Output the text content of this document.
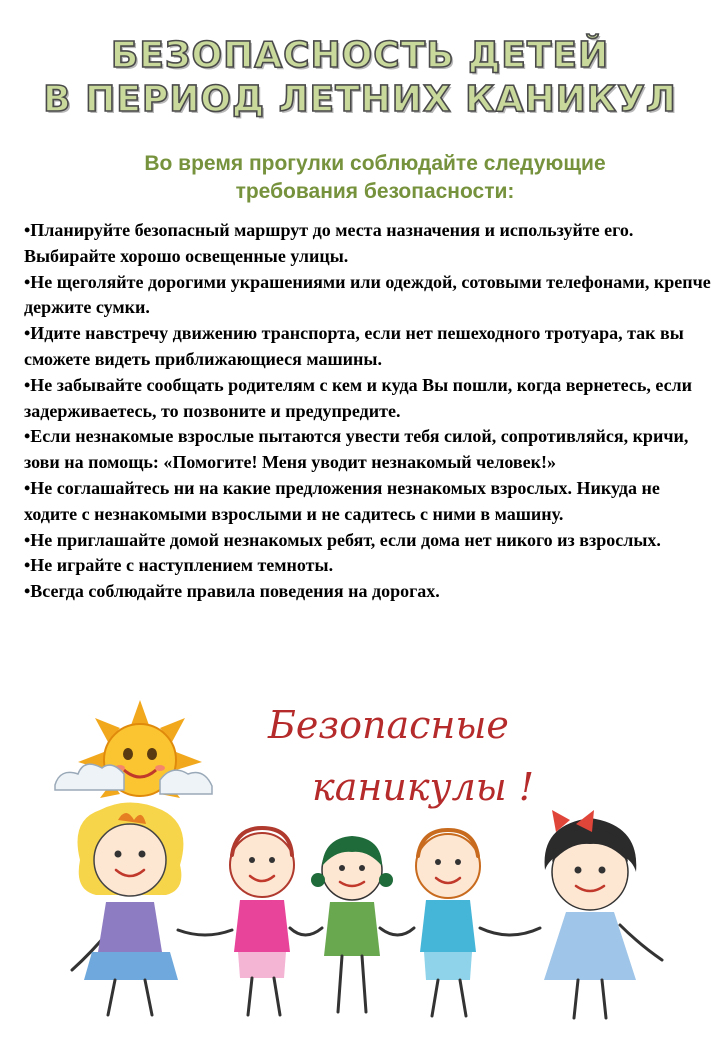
БЕЗОПАСНОСТЬ ДЕТЕЙ
В ПЕРИОД ЛЕТНИХ КАНИКУЛ
Во время прогулки соблюдайте следующие
требования безопасности:
•Планируйте безопасный маршрут до места назначения и используйте его. Выбирайте хорошо освещенные улицы.
•Не щеголяйте дорогими украшениями или одеждой, сотовыми телефонами, крепче держите сумки.
•Идите навстречу движению транспорта, если нет пешеходного тротуара, так вы сможете видеть приближающиеся машины.
•Не забывайте сообщать родителям с кем и куда Вы пошли, когда вернетесь, если задерживаетесь, то позвоните и предупредите.
•Если незнакомые взрослые пытаются увести тебя силой, сопротивляйся, кричи, зови на помощь: «Помогите! Меня уводит незнакомый человек!»
•Не соглашайтесь ни на какие предложения незнакомых взрослых. Никуда не ходите с незнакомыми взрослыми и не садитесь с ними в машину.
•Не приглашайте домой незнакомых ребят, если дома нет никого из взрослых.
•Не играйте с наступлением темноты.
•Всегда соблюдайте правила поведения на дорогах.
Безопасные
каникулы !
